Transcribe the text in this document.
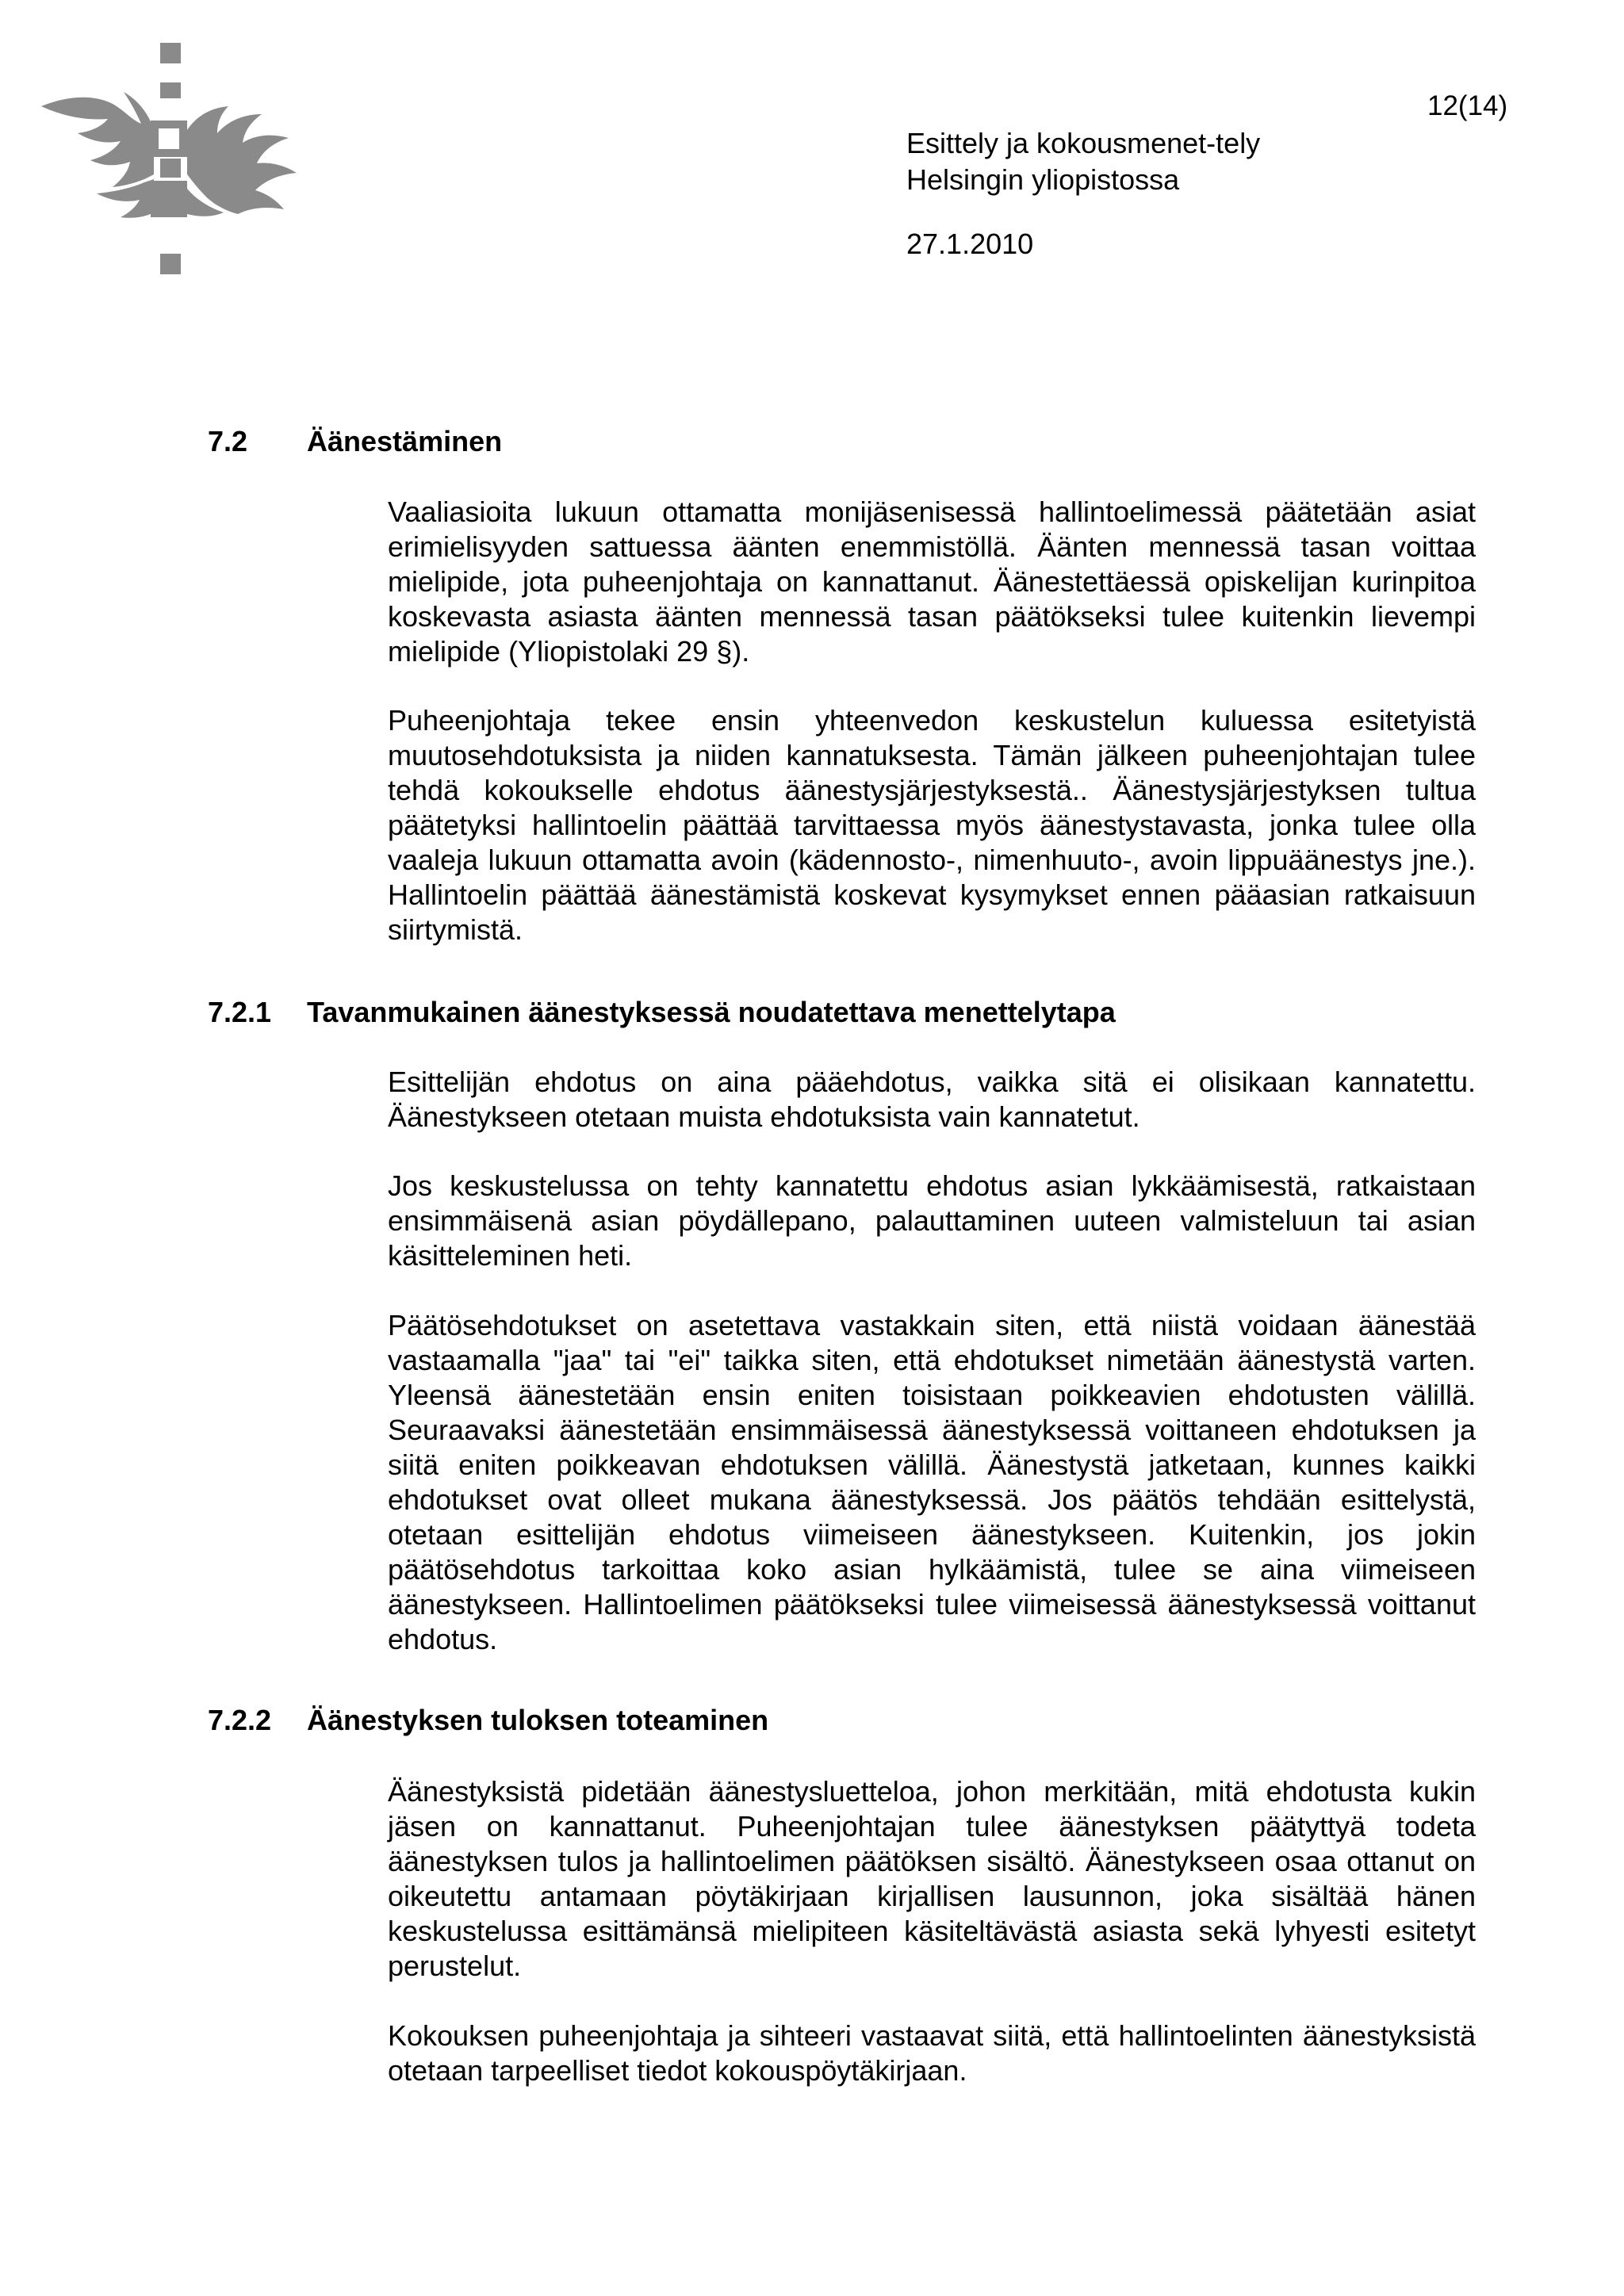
12(14)
Esittely ja kokousmenet-tely Helsingin yliopistossa
27.1.2010
7.2 Äänestäminen

Vaaliasioita lukuun ottamatta monijäsenisessä hallintoelimessä päätetään asiat erimielisyyden sattuessa äänten enemmistöllä. Äänten mennessä tasan voittaa mielipide, jota puheenjohtaja on kannattanut. Äänestettäessä opiskelijan kurinpitoa koskevasta asiasta äänten mennessä tasan päätökseksi tulee kuitenkin lievempi mielipide (Yliopistolaki 29 §).

Puheenjohtaja tekee ensin yhteenvedon keskustelun kuluessa esitetyistä muutosehdotuksista ja niiden kannatuksesta. Tämän jälkeen puheenjohtajan tulee tehdä kokoukselle ehdotus äänestysjärjestyksestä.. Äänestysjärjestyksen tultua päätetyksi hallintoelin päättää tarvittaessa myös äänestystavasta, jonka tulee olla vaaleja lukuun ottamatta avoin (kädennosto-, nimenhuuto-, avoin lippuäänestys jne.). Hallintoelin päättää äänestämistä koskevat kysymykset ennen pääasian ratkaisuun siirtymistä.

7.2.1 Tavanmukainen äänestyksessä noudatettava menettelytapa

Esittelijän ehdotus on aina pääehdotus, vaikka sitä ei olisikaan kannatettu. Äänestykseen otetaan muista ehdotuksista vain kannatetut.

Jos keskustelussa on tehty kannatettu ehdotus asian lykkäämisestä, ratkaistaan ensimmäisenä asian pöydällepano, palauttaminen uuteen valmisteluun tai asian käsitteleminen heti.

Päätösehdotukset on asetettava vastakkain siten, että niistä voidaan äänestää vastaamalla "jaa" tai "ei" taikka siten, että ehdotukset nimetään äänestystä varten. Yleensä äänestetään ensin eniten toisistaan poikkeavien ehdotusten välillä. Seuraavaksi äänestetään ensimmäisessä äänestyksessä voittaneen ehdotuksen ja siitä eniten poikkeavan ehdotuksen välillä. Äänestystä jatketaan, kunnes kaikki ehdotukset ovat olleet mukana äänestyksessä. Jos päätös tehdään esittelystä, otetaan esittelijän ehdotus viimeiseen äänestykseen. Kuitenkin, jos jokin päätösehdotus tarkoittaa koko asian hylkäämistä, tulee se aina viimeiseen äänestykseen. Hallintoelimen päätökseksi tulee viimeisessä äänestyksessä voittanut ehdotus.

7.2.2 Äänestyksen tuloksen toteaminen

Äänestyksistä pidetään äänestysluetteloa, johon merkitään, mitä ehdotusta kukin jäsen on kannattanut. Puheenjohtajan tulee äänestyksen päätyttyä todeta äänestyksen tulos ja hallintoelimen päätöksen sisältö. Äänestykseen osaa ottanut on oikeutettu antamaan pöytäkirjaan kirjallisen lausunnon, joka sisältää hänen keskustelussa esittämänsä mielipiteen käsiteltävästä asiasta sekä lyhyesti esitetyt perustelut.

Kokouksen puheenjohtaja ja sihteeri vastaavat siitä, että hallintoelinten äänestyksistä otetaan tarpeelliset tiedot kokouspöytäkirjaan.
